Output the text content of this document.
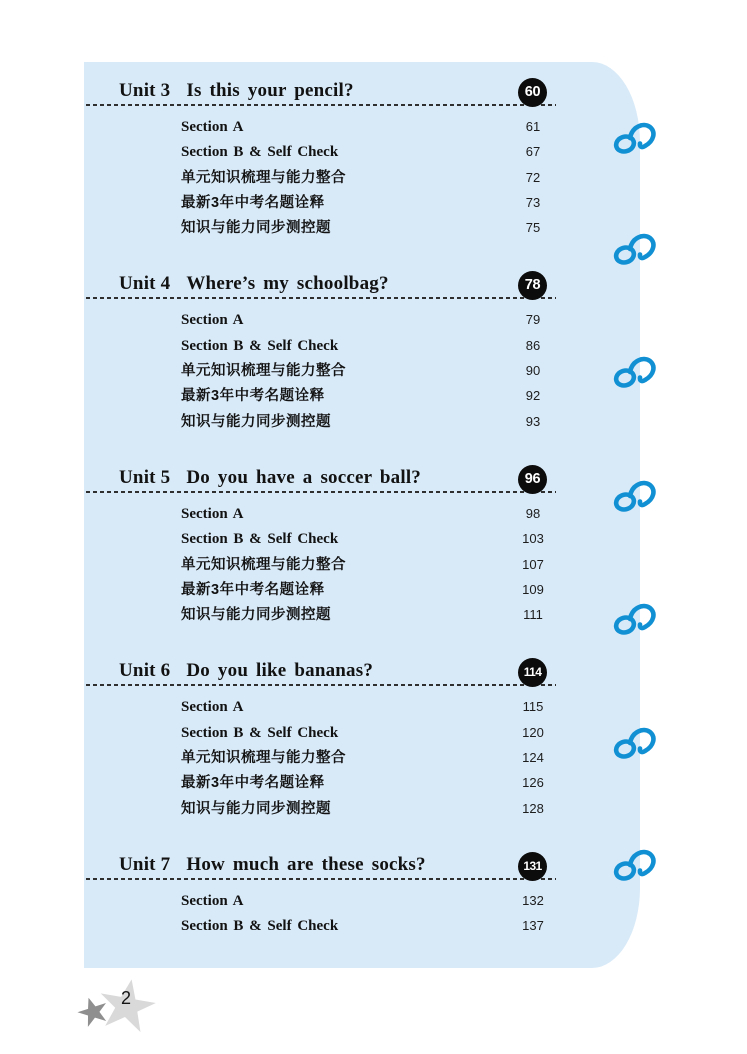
Unit 3 Is this your pencil?	60
Section A	61
Section B & Self Check	67
单元知识梳理与能力整合	72
最新3年中考名题诠释	73
知识与能力同步测控题	75
Unit 4 Where’s my schoolbag?	78
Section A	79
Section B & Self Check	86
单元知识梳理与能力整合	90
最新3年中考名题诠释	92
知识与能力同步测控题	93
Unit 5 Do you have a soccer ball?	96
Section A	98
Section B & Self Check	103
单元知识梳理与能力整合	107
最新3年中考名题诠释	109
知识与能力同步测控题	111
Unit 6 Do you like bananas?	114
Section A	115
Section B & Self Check	120
单元知识梳理与能力整合	124
最新3年中考名题诠释	126
知识与能力同步测控题	128
Unit 7 How much are these socks?	131
Section A	132
Section B & Self Check	137
2
